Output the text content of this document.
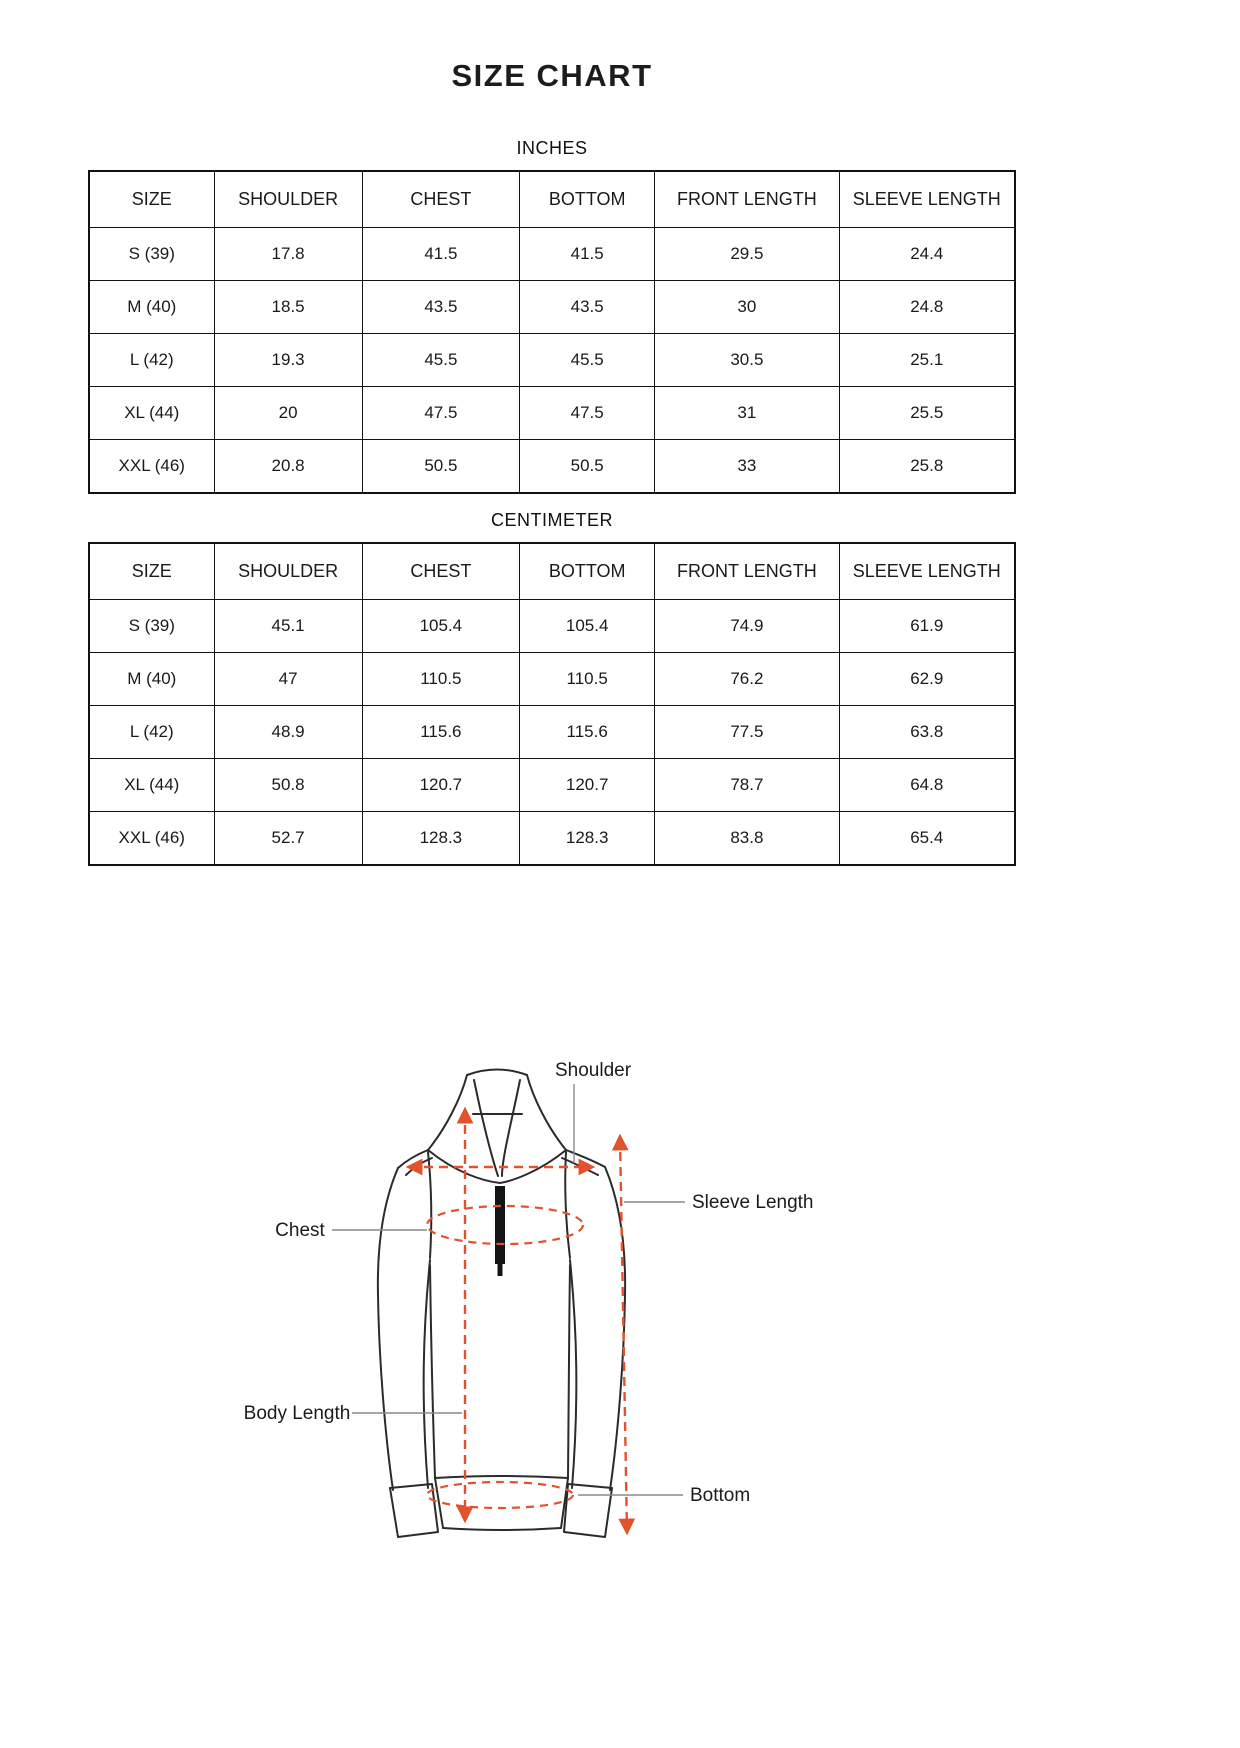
SIZE CHART
INCHES
SIZE	SHOULDER	CHEST	BOTTOM	FRONT LENGTH	SLEEVE LENGTH
S (39)	17.8	41.5	41.5	29.5	24.4
M (40)	18.5	43.5	43.5	30	24.8
L (42)	19.3	45.5	45.5	30.5	25.1
XL (44)	20	47.5	47.5	31	25.5
XXL (46)	20.8	50.5	50.5	33	25.8
CENTIMETER
SIZE	SHOULDER	CHEST	BOTTOM	FRONT LENGTH	SLEEVE LENGTH
S (39)	45.1	105.4	105.4	74.9	61.9
M (40)	47	110.5	110.5	76.2	62.9
L (42)	48.9	115.6	115.6	77.5	63.8
XL (44)	50.8	120.7	120.7	78.7	64.8
XXL (46)	52.7	128.3	128.3	83.8	65.4
Shoulder
Chest
Body Length
Sleeve Length
Bottom
